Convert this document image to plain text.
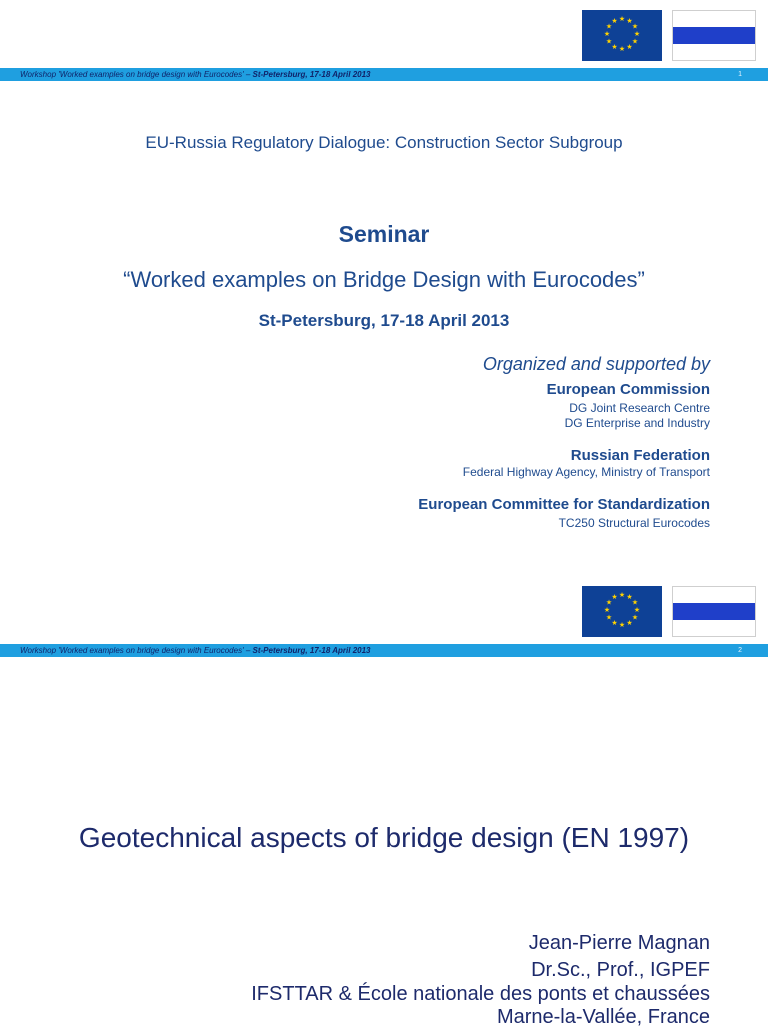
★ ★
★
★
★
★
★
★
★
★
★
★
Workshop 'Worked examples on bridge design with Eurocodes' – St-Petersburg, 17-18 April 2013	1
EU-Russia Regulatory Dialogue: Construction Sector Subgroup
Seminar
“Worked examples on Bridge Design with Eurocodes”
St-Petersburg, 17-18 April 2013
Organized and supported by
European Commission
DG Joint Research Centre
DG Enterprise and Industry
Russian Federation
Federal Highway Agency, Ministry of Transport
European Committee for Standardization
TC250 Structural Eurocodes
★ ★
★
★
★
★
★
★
★
★
★
★
Workshop 'Worked examples on bridge design with Eurocodes' – St-Petersburg, 17-18 April 2013	2
Geotechnical aspects of bridge design (EN 1997)
Jean-Pierre Magnan
Dr.Sc., Prof., IGPEF
IFSTTAR & École nationale des ponts et chaussées
Marne-la-Vallée, France
